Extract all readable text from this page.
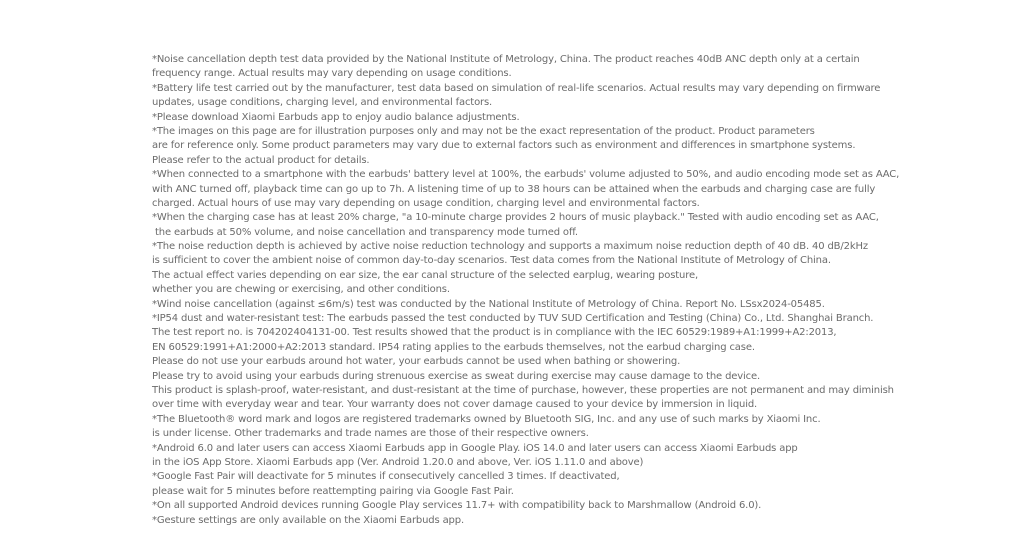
*Noise cancellation depth test data provided by the National Institute of Metrology, China. The product reaches 40dB ANC depth only at a certain
frequency range. Actual results may vary depending on usage conditions.
*Battery life test carried out by the manufacturer, test data based on simulation of real-life scenarios. Actual results may vary depending on firmware
updates, usage conditions, charging level, and environmental factors.
*Please download Xiaomi Earbuds app to enjoy audio balance adjustments.
*The images on this page are for illustration purposes only and may not be the exact representation of the product. Product parameters
are for reference only. Some product parameters may vary due to external factors such as environment and differences in smartphone systems.
Please refer to the actual product for details.
*When connected to a smartphone with the earbuds' battery level at 100%, the earbuds' volume adjusted to 50%, and audio encoding mode set as AAC,
with ANC turned off, playback time can go up to 7h. A listening time of up to 38 hours can be attained when the earbuds and charging case are fully
charged. Actual hours of use may vary depending on usage condition, charging level and environmental factors.
*When the charging case has at least 20% charge, "a 10-minute charge provides 2 hours of music playback." Tested with audio encoding set as AAC,
the earbuds at 50% volume, and noise cancellation and transparency mode turned off.
*The noise reduction depth is achieved by active noise reduction technology and supports a maximum noise reduction depth of 40 dB. 40 dB/2kHz
is sufficient to cover the ambient noise of common day-to-day scenarios. Test data comes from the National Institute of Metrology of China.
The actual effect varies depending on ear size, the ear canal structure of the selected earplug, wearing posture,
whether you are chewing or exercising, and other conditions.
*Wind noise cancellation (against ≤6m/s) test was conducted by the National Institute of Metrology of China. Report No. LSsx2024-05485.
*IP54 dust and water-resistant test: The earbuds passed the test conducted by TUV SUD Certification and Testing (China) Co., Ltd. Shanghai Branch.
The test report no. is 704202404131-00. Test results showed that the product is in compliance with the IEC 60529:1989+A1:1999+A2:2013,
EN 60529:1991+A1:2000+A2:2013 standard. IP54 rating applies to the earbuds themselves, not the earbud charging case.
Please do not use your earbuds around hot water, your earbuds cannot be used when bathing or showering.
Please try to avoid using your earbuds during strenuous exercise as sweat during exercise may cause damage to the device.
This product is splash-proof, water-resistant, and dust-resistant at the time of purchase, however, these properties are not permanent and may diminish
over time with everyday wear and tear. Your warranty does not cover damage caused to your device by immersion in liquid.
*The Bluetooth® word mark and logos are registered trademarks owned by Bluetooth SIG, Inc. and any use of such marks by Xiaomi Inc.
is under license. Other trademarks and trade names are those of their respective owners.
*Android 6.0 and later users can access Xiaomi Earbuds app in Google Play. iOS 14.0 and later users can access Xiaomi Earbuds app
in the iOS App Store. Xiaomi Earbuds app (Ver. Android 1.20.0 and above, Ver. iOS 1.11.0 and above)
*Google Fast Pair will deactivate for 5 minutes if consecutively cancelled 3 times. If deactivated,
please wait for 5 minutes before reattempting pairing via Google Fast Pair.
*On all supported Android devices running Google Play services 11.7+ with compatibility back to Marshmallow (Android 6.0).
*Gesture settings are only available on the Xiaomi Earbuds app.
